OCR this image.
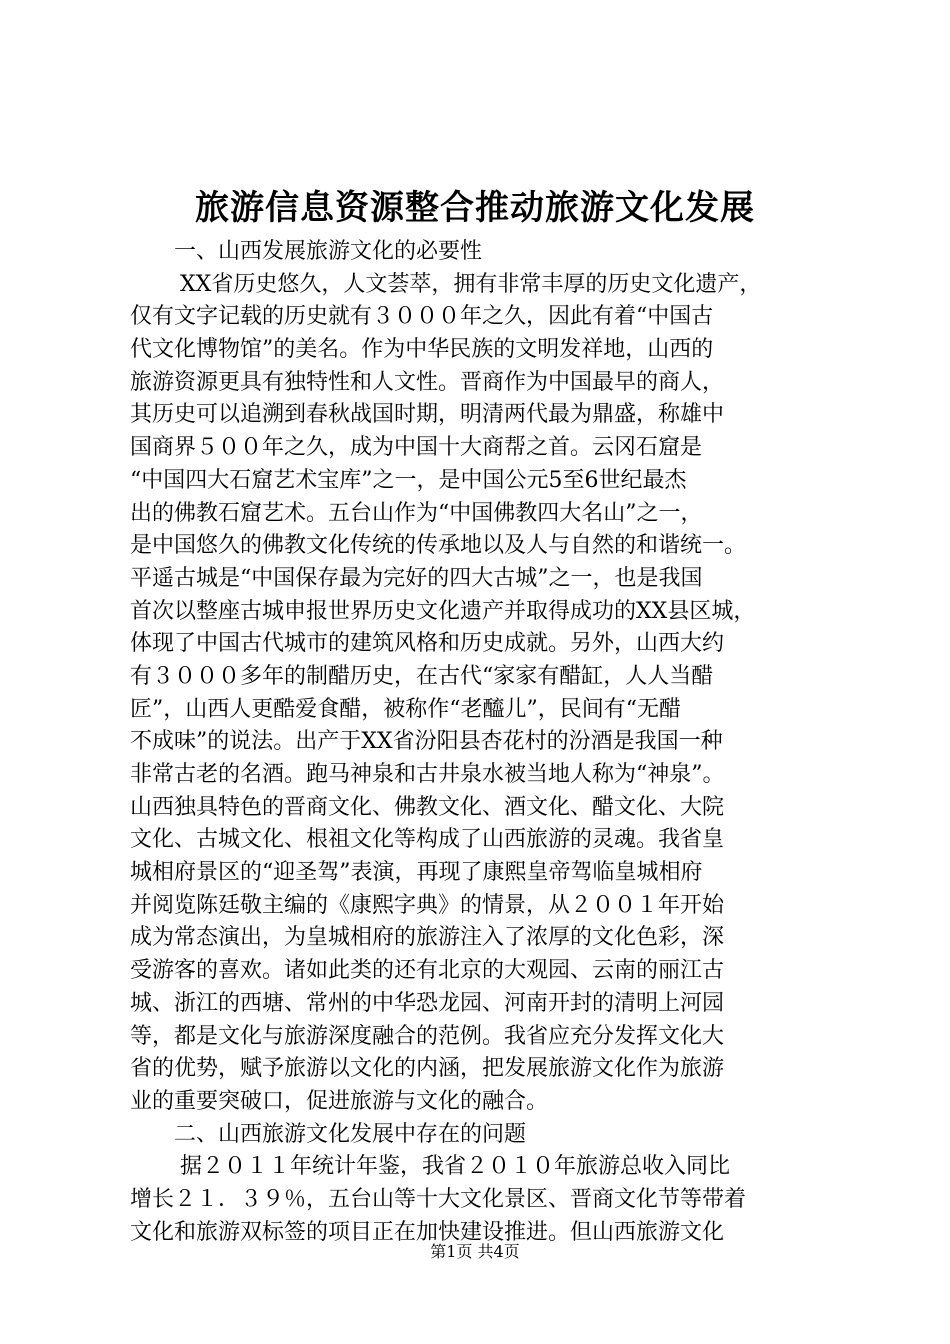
旅游信息资源整合推动旅游文化发展
一、山西发展旅游文化的必要性
XX省历史悠久，人文荟萃，拥有非常丰厚的历史文化遗产，
仅有文字记载的历史就有３０００年之久，因此有着“中国古
代文化博物馆”的美名。作为中华民族的文明发祥地，山西的
旅游资源更具有独特性和人文性。晋商作为中国最早的商人，
其历史可以追溯到春秋战国时期，明清两代最为鼎盛，称雄中
国商界５００年之久，成为中国十大商帮之首。云冈石窟是
“中国四大石窟艺术宝库”之一，是中国公元5至6世纪最杰
出的佛教石窟艺术。五台山作为“中国佛教四大名山”之一，
是中国悠久的佛教文化传统的传承地以及人与自然的和谐统一。
平遥古城是“中国保存最为完好的四大古城”之一，也是我国
首次以整座古城申报世界历史文化遗产并取得成功的XX县区城，
体现了中国古代城市的建筑风格和历史成就。另外，山西大约
有３０００多年的制醋历史，在古代“家家有醋缸，人人当醋
匠”，山西人更酷爱食醋，被称作“老醯儿”，民间有“无醋
不成味”的说法。出产于XX省汾阳县杏花村的汾酒是我国一种
非常古老的名酒。跑马神泉和古井泉水被当地人称为“神泉”。
山西独具特色的晋商文化、佛教文化、酒文化、醋文化、大院
文化、古城文化、根祖文化等构成了山西旅游的灵魂。我省皇
城相府景区的“迎圣驾”表演，再现了康熙皇帝驾临皇城相府
并阅览陈廷敬主编的《康熙字典》的情景，从２００１年开始
成为常态演出，为皇城相府的旅游注入了浓厚的文化色彩，深
受游客的喜欢。诸如此类的还有北京的大观园、云南的丽江古
城、浙江的西塘、常州的中华恐龙园、河南开封的清明上河园
等，都是文化与旅游深度融合的范例。我省应充分发挥文化大
省的优势，赋予旅游以文化的内涵，把发展旅游文化作为旅游
业的重要突破口，促进旅游与文化的融合。
二、山西旅游文化发展中存在的问题
据２０１１年统计年鉴，我省２０１０年旅游总收入同比
增长２１．３９％，五台山等十大文化景区、晋商文化节等带着
文化和旅游双标签的项目正在加快建设推进。但山西旅游文化
第1页 共4页
